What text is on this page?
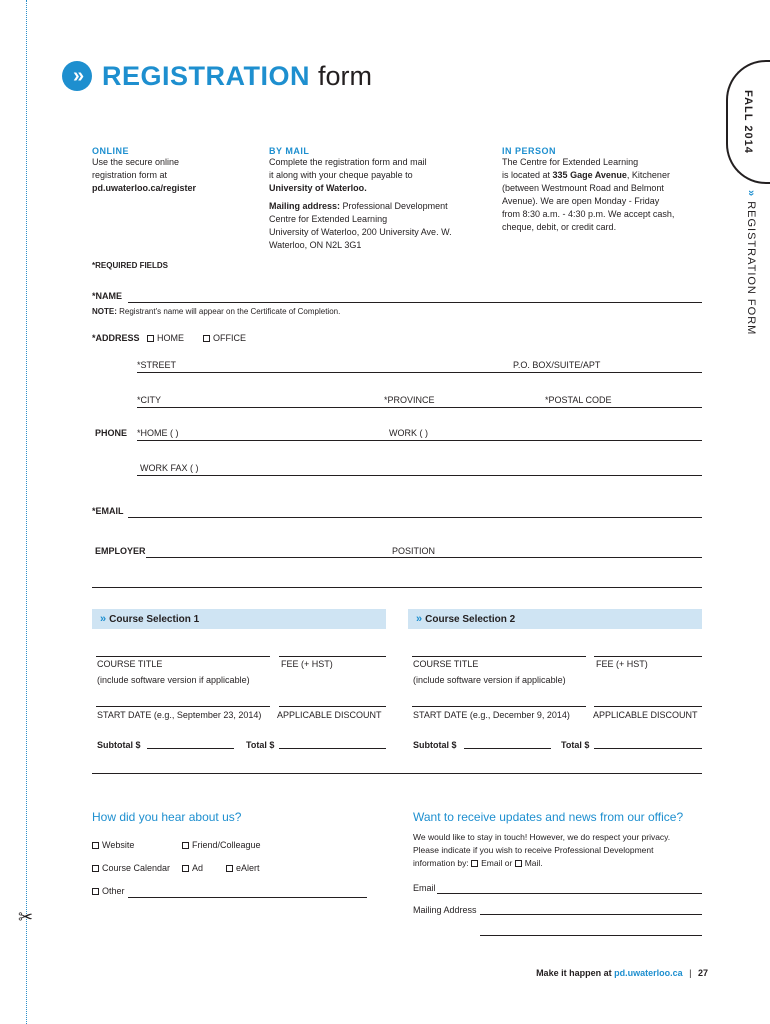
✂
» REGISTRATION form
FALL 2014
» REGISTRATION FORM
ONLINE
Use the secure online
registration form at
pd.uwaterloo.ca/register
BY MAIL
Complete the registration form and mail
it along with your cheque payable to
University of Waterloo.
Mailing address: Professional Development
Centre for Extended Learning
University of Waterloo, 200 University Ave. W.
Waterloo, ON N2L 3G1
IN PERSON
The Centre for Extended Learning
is located at 335 Gage Avenue, Kitchener
(between Westmount Road and Belmont
Avenue). We are open Monday - Friday
from 8:30 a.m. - 4:30 p.m. We accept cash,
cheque, debit, or credit card.
*REQUIRED FIELDS
*NAME
NOTE: Registrant's name will appear on the Certificate of Completion.
*ADDRESS	HOME	OFFICE
*STREET	P.O. BOX/SUITE/APT
*CITY	*PROVINCE	*POSTAL CODE
PHONE *HOME ( )	WORK ( )
WORK FAX ( )
*EMAIL
EMPLOYER	POSITION
» Course Selection 1
COURSE TITLE	FEE (+ HST)
(include software version if applicable)
START DATE (e.g., September 23, 2014) APPLICABLE DISCOUNT
Subtotal $	Total $
» Course Selection 2
COURSE TITLE	FEE (+ HST)
(include software version if applicable)
START DATE (e.g., December 9, 2014)	APPLICABLE DISCOUNT
Subtotal $	Total $
How did you hear about us?
Website	Friend/Colleague
Course Calendar	Ad	eAlert
Other
Want to receive updates and news from our office?
We would like to stay in touch! However, we do respect your privacy.
Please indicate if you wish to receive Professional Development
information by: Email or Mail.
Email
Mailing Address
Make it happen at pd.uwaterloo.ca | 27
